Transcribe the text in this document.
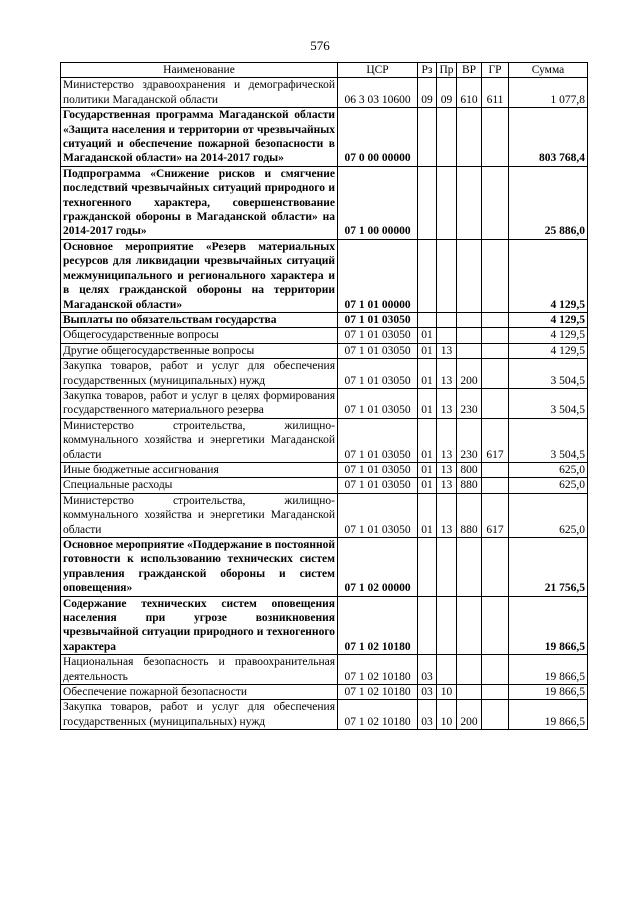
576
Наименование	ЦСР	Рз	Пр	ВР	ГР	Сумма
Министерство здравоохранения и демографической политики Магаданской области	06 3 03 10600	09	09	610	611	1 077,8
Государственная программа Магаданской области «Защита населения и территории от чрезвычайных ситуаций и обеспечение пожарной безопасности в Магаданской области» на 2014-2017 годы»	07 0 00 00000					803 768,4
Подпрограмма «Снижение рисков и смягчение последствий чрезвычайных ситуаций природного и техногенного характера, совершенствование гражданской обороны в Магаданской области» на 2014-2017 годы»	07 1 00 00000					25 886,0
Основное мероприятие «Резерв материальных ресурсов для ликвидации чрезвычайных ситуаций межмуниципального и регионального характера и в целях гражданской обороны на территории Магаданской области»	07 1 01 00000					4 129,5
Выплаты по обязательствам государства	07 1 01 03050					4 129,5
Общегосударственные вопросы	07 1 01 03050	01				4 129,5
Другие общегосударственные вопросы	07 1 01 03050	01	13			4 129,5
Закупка товаров, работ и услуг для обеспечения государственных (муниципальных) нужд	07 1 01 03050	01	13	200		3 504,5
Закупка товаров, работ и услуг в целях формирования государственного материального резерва	07 1 01 03050	01	13	230		3 504,5
Министерство строительства, жилищно-коммунального хозяйства и энергетики Магаданской области	07 1 01 03050	01	13	230	617	3 504,5
Иные бюджетные ассигнования	07 1 01 03050	01	13	800		625,0
Специальные расходы	07 1 01 03050	01	13	880		625,0
Министерство строительства, жилищно-коммунального хозяйства и энергетики Магаданской области	07 1 01 03050	01	13	880	617	625,0
Основное мероприятие «Поддержание в постоянной готовности к использованию технических систем управления гражданской обороны и систем оповещения»	07 1 02 00000					21 756,5
Содержание технических систем оповещения населения при угрозе возникновения чрезвычайной ситуации природного и техногенного характера	07 1 02 10180					19 866,5
Национальная безопасность и правоохранительная деятельность	07 1 02 10180	03				19 866,5
Обеспечение пожарной безопасности	07 1 02 10180	03	10			19 866,5
Закупка товаров, работ и услуг для обеспечения государственных (муниципальных) нужд	07 1 02 10180	03	10	200		19 866,5
